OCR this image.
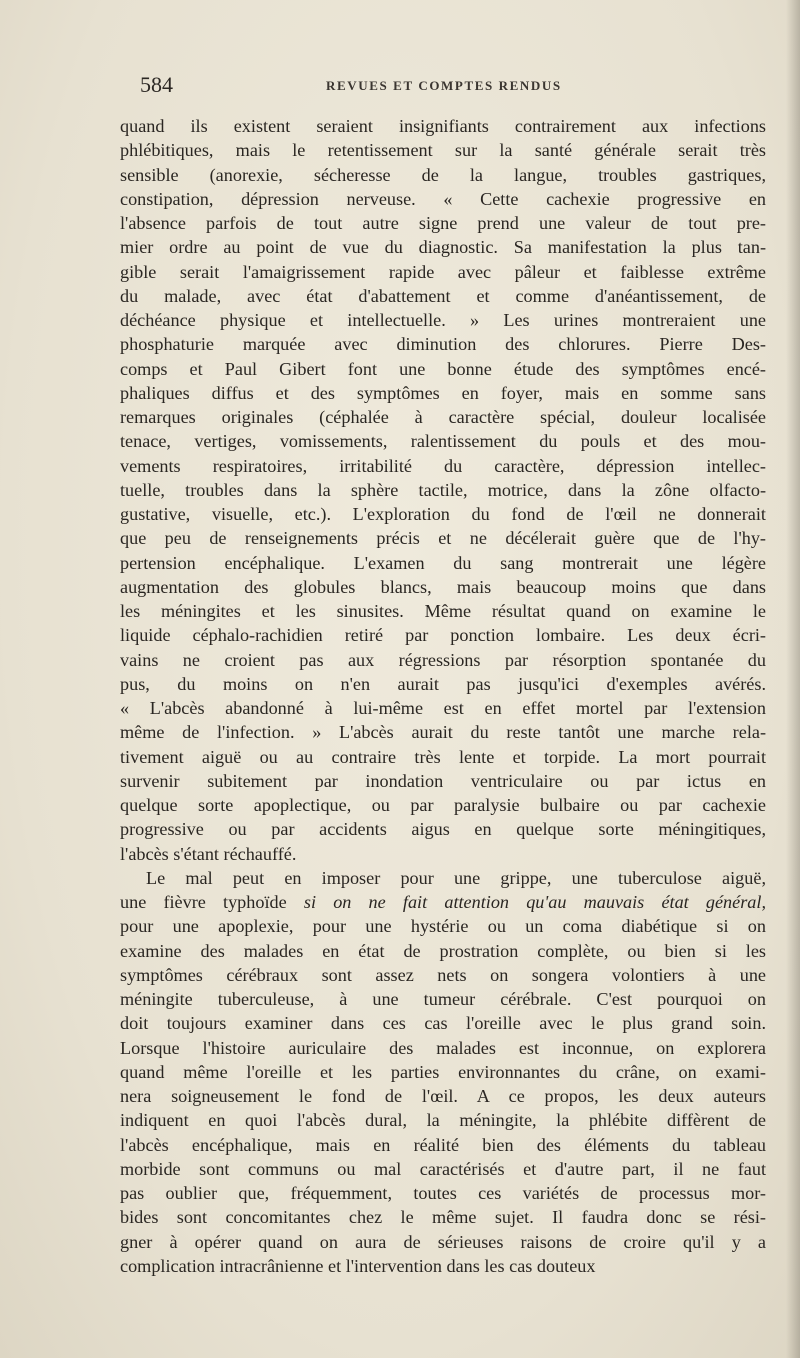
584	REVUES ET COMPTES RENDUS
quand ils existent seraient insignifiants contrairement aux infections
phlébitiques, mais le retentissement sur la santé générale serait très
sensible (anorexie, sécheresse de la langue, troubles gastriques,
constipation, dépression nerveuse. « Cette cachexie progressive en
l'absence parfois de tout autre signe prend une valeur de tout pre-
mier ordre au point de vue du diagnostic. Sa manifestation la plus tan-
gible serait l'amaigrissement rapide avec pâleur et faiblesse extrême
du malade, avec état d'abattement et comme d'anéantissement, de
déchéance physique et intellectuelle. » Les urines montreraient une
phosphaturie marquée avec diminution des chlorures. Pierre Des-
comps et Paul Gibert font une bonne étude des symptômes encé-
phaliques diffus et des symptômes en foyer, mais en somme sans
remarques originales (céphalée à caractère spécial, douleur localisée
tenace, vertiges, vomissements, ralentissement du pouls et des mou-
vements respiratoires, irritabilité du caractère, dépression intellec-
tuelle, troubles dans la sphère tactile, motrice, dans la zône olfacto-
gustative, visuelle, etc.). L'exploration du fond de l'œil ne donnerait
que peu de renseignements précis et ne décélerait guère que de l'hy-
pertension encéphalique. L'examen du sang montrerait une légère
augmentation des globules blancs, mais beaucoup moins que dans
les méningites et les sinusites. Même résultat quand on examine le
liquide céphalo-rachidien retiré par ponction lombaire. Les deux écri-
vains ne croient pas aux régressions par résorption spontanée du
pus, du moins on n'en aurait pas jusqu'ici d'exemples avérés.
« L'abcès abandonné à lui-même est en effet mortel par l'extension
même de l'infection. » L'abcès aurait du reste tantôt une marche rela-
tivement aiguë ou au contraire très lente et torpide. La mort pourrait
survenir subitement par inondation ventriculaire ou par ictus en
quelque sorte apoplectique, ou par paralysie bulbaire ou par cachexie
progressive ou par accidents aigus en quelque sorte méningitiques,
l'abcès s'étant réchauffé.
Le mal peut en imposer pour une grippe, une tuberculose aiguë,
une fièvre typhoïde si on ne fait attention qu'au mauvais état général,
pour une apoplexie, pour une hystérie ou un coma diabétique si on
examine des malades en état de prostration complète, ou bien si les
symptômes cérébraux sont assez nets on songera volontiers à une
méningite tuberculeuse, à une tumeur cérébrale. C'est pourquoi on
doit toujours examiner dans ces cas l'oreille avec le plus grand soin.
Lorsque l'histoire auriculaire des malades est inconnue, on explorera
quand même l'oreille et les parties environnantes du crâne, on exami-
nera soigneusement le fond de l'œil. A ce propos, les deux auteurs
indiquent en quoi l'abcès dural, la méningite, la phlébite diffèrent de
l'abcès encéphalique, mais en réalité bien des éléments du tableau
morbide sont communs ou mal caractérisés et d'autre part, il ne faut
pas oublier que, fréquemment, toutes ces variétés de processus mor-
bides sont concomitantes chez le même sujet. Il faudra donc se rési-
gner à opérer quand on aura de sérieuses raisons de croire qu'il y a
complication intracrânienne et l'intervention dans les cas douteux
